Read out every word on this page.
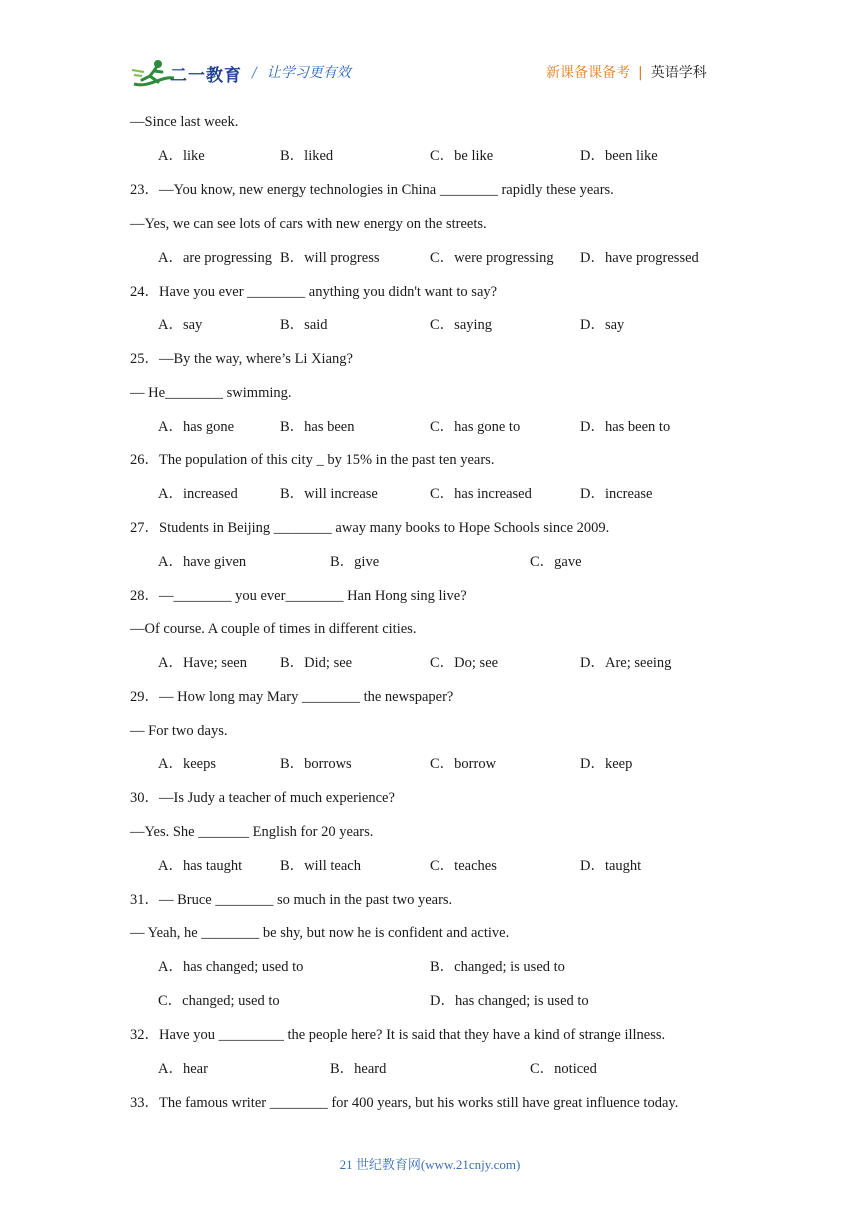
二一教育 / 让学习更有效	新课备课备考 | 英语学科
—Since last week.
A．like	B．liked	C．be like	D．been like
23．—You know, new energy technologies in China ________ rapidly these years.
—Yes, we can see lots of cars with new energy on the streets.
A．are progressing B．will progress	C．were progressing D．have progressed
24．Have you ever ________ anything you didn't want to say?
A．say	B．said	C．saying	D．say
25．—By the way, where’s Li Xiang?
— He________ swimming.
A．has gone	B．has been	C．has gone to	D．has been to
26．The population of this city _ by 15% in the past ten years.
A．increased	B．will increase	C．has increased	D．increase
27．Students in Beijing ________ away many books to Hope Schools since 2009.
A．have given	B．give	C．gave
28．—________ you ever________ Han Hong sing live?
—Of course. A couple of times in different cities.
A．Have; seen B．Did; see	C．Do; see	D．Are; seeing
29．— How long may Mary ________ the newspaper?
— For two days.
A．keeps	B．borrows	C．borrow	D．keep
30．—Is Judy a teacher of much experience?
—Yes. She _______ English for 20 years.
A．has taught	B．will teach	C．teaches	D．taught
31．— Bruce ________ so much in the past two years.
— Yeah, he ________ be shy, but now he is confident and active.
A．has changed; used to	B．changed; is used to
C．changed; used to	D．has changed; is used to
32．Have you _________ the people here? It is said that they have a kind of strange illness.
A．hear	B．heard	C．noticed
33．The famous writer ________ for 400 years, but his works still have great influence today.
21 世纪教育网(www.21cnjy.com)
